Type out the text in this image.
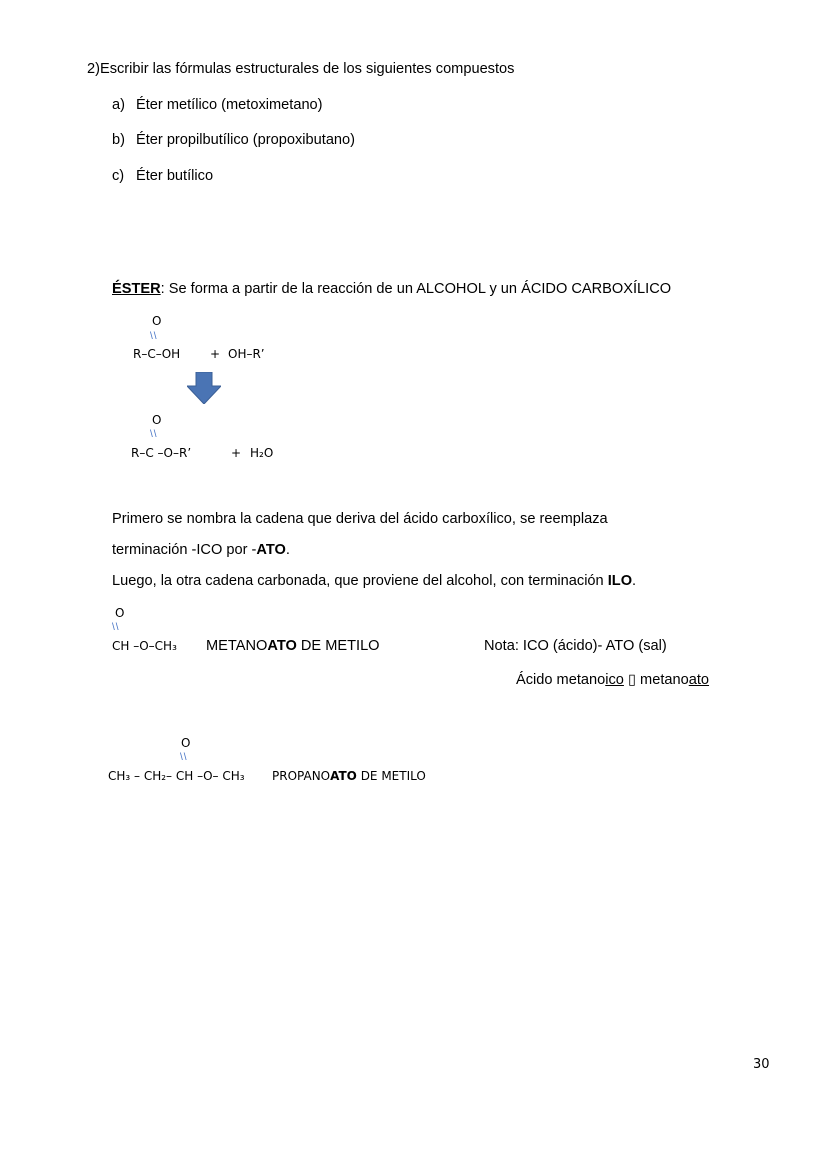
2)Escribir las fórmulas estructurales de los siguientes compuestos
a) Éter metílico (metoximetano)
b) Éter propilbutílico (propoxibutano)
c) Éter butílico
ÉSTER: Se forma a partir de la reacción de un ALCOHOL y un ÁCIDO CARBOXÍLICO
O
\\
R–C–OH + OH–R’
O
\\
R–C –O–R’	+ H₂O
Primero se nombra la cadena que deriva del ácido carboxílico, se reemplaza
terminación -ICO por -ATO.
Luego, la otra cadena carbonada, que proviene del alcohol, con terminación ILO.
O
\\
CH –O–CH₃ METANOATO DE METILO	Nota: ICO (ácido)- ATO (sal)
Ácido metanoico ▯ metanoato
O
\\
CH₃ – CH₂– CH –O– CH₃ PROPANOATO DE METILO
30
